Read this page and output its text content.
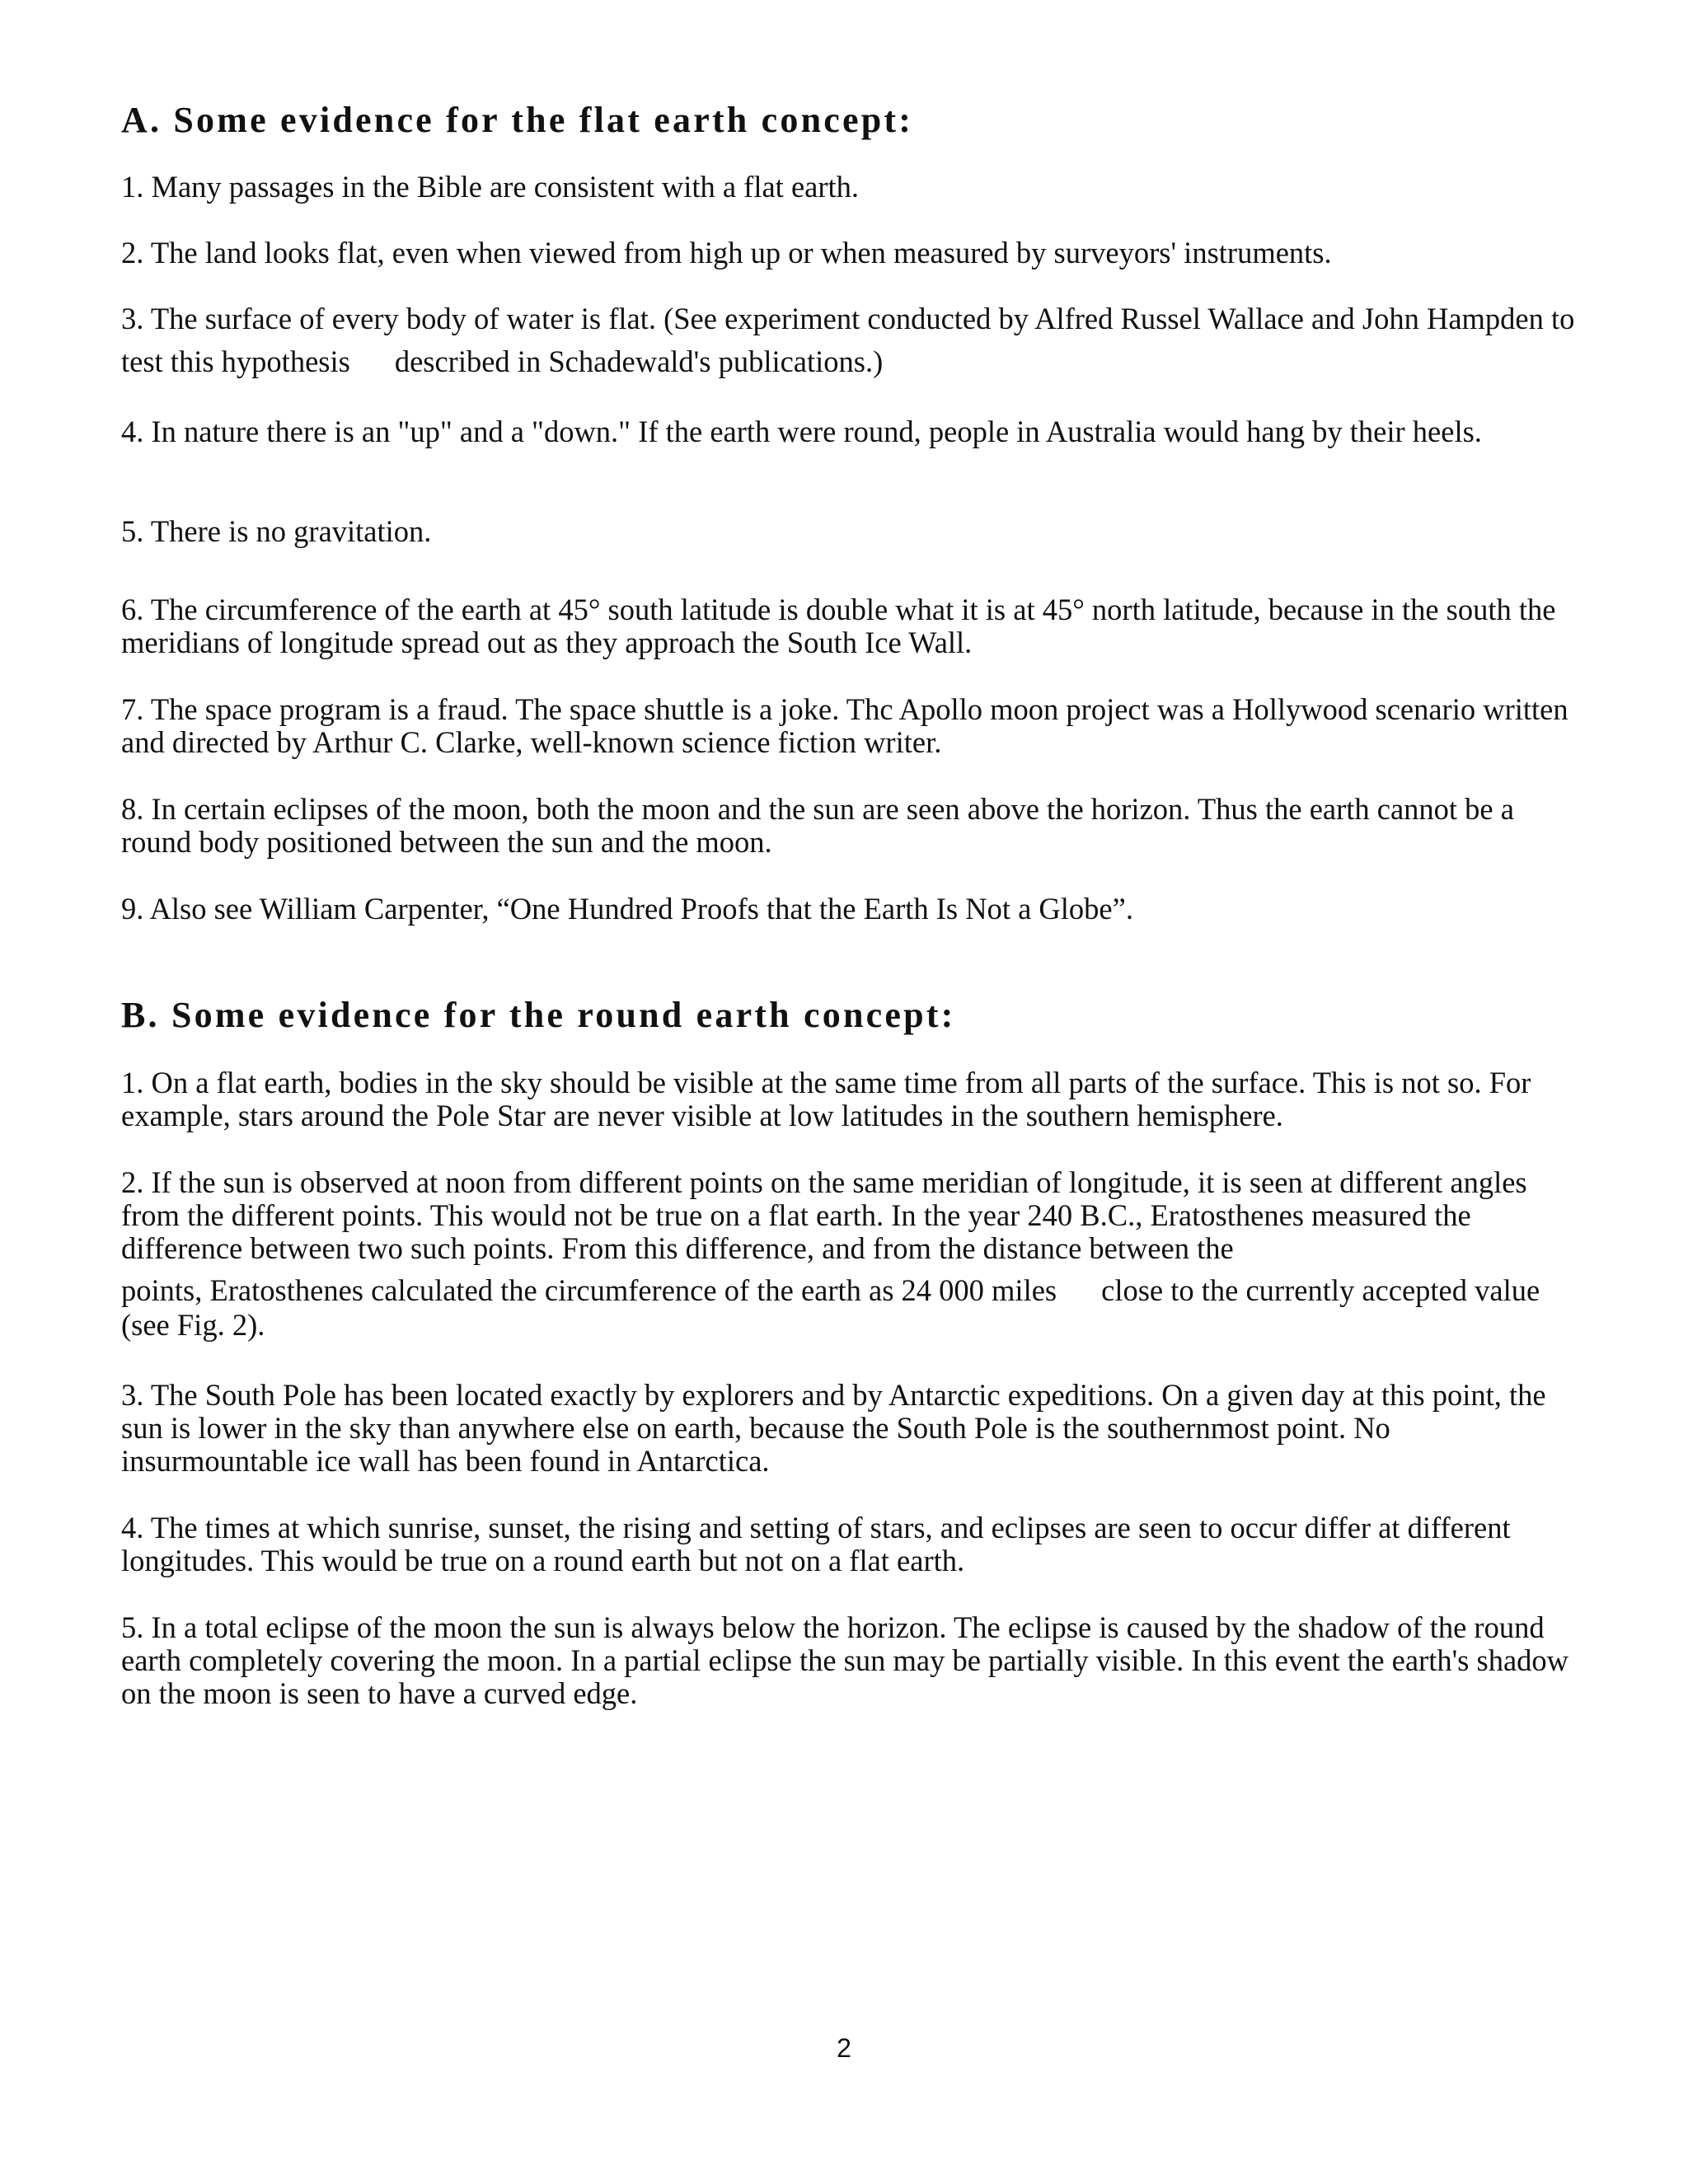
A. Some evidence for the flat earth concept:

1. Many passages in the Bible are consistent with a flat earth.

2. The land looks flat, even when viewed from high up or when measured by surveyors' instruments.

3. The surface of every body of water is flat. (See experiment conducted by Alfred Russel Wallace and John Hampden to test this hypothesis described in Schadewald's publications.)

4. In nature there is an "up" and a "down." If the earth were round, people in Australia would hang by their heels.

5. There is no gravitation.

6. The circumference of the earth at 45° south latitude is double what it is at 45° north latitude, because in the south the meridians of longitude spread out as they approach the South Ice Wall.

7. The space program is a fraud. The space shuttle is a joke. Thc Apollo moon project was a Hollywood scenario written and directed by Arthur C. Clarke, well-known science fiction writer.

8. In certain eclipses of the moon, both the moon and the sun are seen above the horizon. Thus the earth cannot be a round body positioned between the sun and the moon.

9. Also see William Carpenter, “One Hundred Proofs that the Earth Is Not a Globe”.

B. Some evidence for the round earth concept:

1. On a flat earth, bodies in the sky should be visible at the same time from all parts of the surface. This is not so. For example, stars around the Pole Star are never visible at low latitudes in the southern hemisphere.

2. If the sun is observed at noon from different points on the same meridian of longitude, it is seen at different angles from the different points. This would not be true on a flat earth. In the year 240 B.C., Eratosthenes measured the difference between two such points. From this difference, and from the distance between the
points, Eratosthenes calculated the circumference of the earth as 24 000 miles close to the currently accepted value (see Fig. 2).

3. The South Pole has been located exactly by explorers and by Antarctic expeditions. On a given day at this point, the sun is lower in the sky than anywhere else on earth, because the South Pole is the southernmost point. No insurmountable ice wall has been found in Antarctica.

4. The times at which sunrise, sunset, the rising and setting of stars, and eclipses are seen to occur differ at different longitudes. This would be true on a round earth but not on a flat earth.

5. In a total eclipse of the moon the sun is always below the horizon. The eclipse is caused by the shadow of the round earth completely covering the moon. In a partial eclipse the sun may be partially visible. In this event the earth's shadow on the moon is seen to have a curved edge.

2
